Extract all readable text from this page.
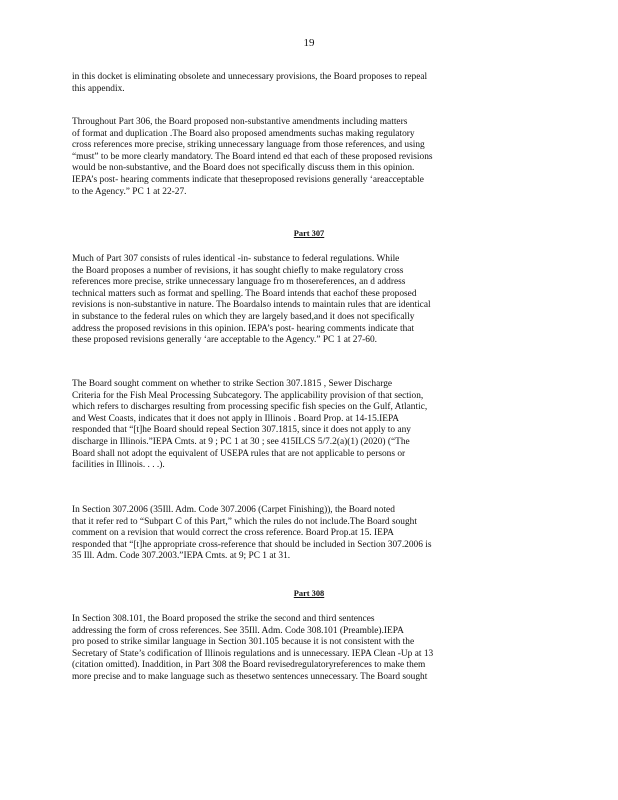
19
in this docket is eliminating obsolete and unnecessary provisions, the Board proposes to repeal
this appendix.
Throughout Part 306, the Board proposed non-substantive amendments including matters
of format and duplication .The Board also proposed amendments suchas making regulatory
cross references more precise, striking unnecessary language from those references, and using
“must” to be more clearly mandatory. The Board intend ed that each of these proposed revisions
would be non-substantive, and the Board does not specifically discuss them in this opinion.
IEPA’s post- hearing comments indicate that theseproposed revisions generally ‘areacceptable
to the Agency.” PC 1 at 22-27.
Part 307
Much of Part 307 consists of rules identical -in- substance to federal regulations. While
the Board proposes a number of revisions, it has sought chiefly to make regulatory cross
references more precise, strike unnecessary language fro m thosereferences, an d address
technical matters such as format and spelling. The Board intends that eachof these proposed
revisions is non-substantive in nature. The Boardalso intends to maintain rules that are identical
in substance to the federal rules on which they are largely based,and it does not specifically
address the proposed revisions in this opinion. IEPA’s post- hearing comments indicate that
these proposed revisions generally ‘are acceptable to the Agency.” PC 1 at 27-60.
The Board sought comment on whether to strike Section 307.1815 , Sewer Discharge
Criteria for the Fish Meal Processing Subcategory. The applicability provision of that section,
which refers to discharges resulting from processing specific fish species on the Gulf, Atlantic,
and West Coasts, indicates that it does not apply in Illinois . Board Prop. at 14-15.IEPA
responded that “[t]he Board should repeal Section 307.1815, since it does not apply to any
discharge in Illinois.”IEPA Cmts. at 9 ; PC 1 at 30 ; see 415ILCS 5/7.2(a)(1) (2020) (“The
Board shall not adopt the equivalent of USEPA rules that are not applicable to persons or
facilities in Illinois. . . .).
In Section 307.2006 (35Ill. Adm. Code 307.2006 (Carpet Finishing)), the Board noted
that it refer red to “Subpart C of this Part,” which the rules do not include.The Board sought
comment on a revision that would correct the cross reference. Board Prop.at 15. IEPA
responded that “[t]he appropriate cross-reference that should be included in Section 307.2006 is
35 Ill. Adm. Code 307.2003.”IEPA Cmts. at 9; PC 1 at 31.
Part 308
In Section 308.101, the Board proposed the strike the second and third sentences
addressing the form of cross references. See 35Ill. Adm. Code 308.101 (Preamble).IEPA
pro posed to strike similar language in Section 301.105 because it is not consistent with the
Secretary of State’s codification of Illinois regulations and is unnecessary. IEPA Clean -Up at 13
(citation omitted). Inaddition, in Part 308 the Board revisedregulatoryreferences to make them
more precise and to make language such as thesetwo sentences unnecessary. The Board sought
